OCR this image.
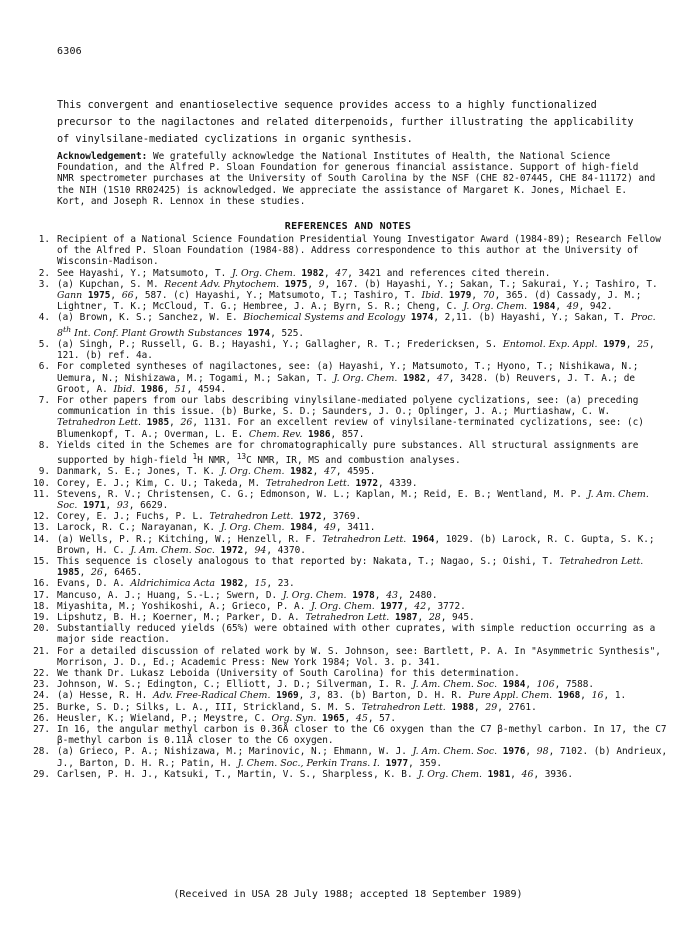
6306

This convergent and enantioselective sequence provides access to a highly functionalized

precursor to the nagilactones and related diterpenoids, further illustrating the applicability

of vinylsilane-mediated cyclizations in organic synthesis.

Acknowledgement: We gratefully acknowledge the National Institutes of Health, the National Science Foundation, and the Alfred P. Sloan Foundation for generous financial assistance. Support of high-field NMR spectrometer purchases at the University of South Carolina by the NSF (CHE 82-07445, CHE 84-11172) and the NIH (1S10 RR02425) is acknowledged. We appreciate the assistance of Margaret K. Jones, Michael E. Kort, and Joseph R. Lennox in these studies.
REFERENCES AND NOTES
1. Recipient of a National Science Foundation Presidential Young Investigator Award (1984-89); Research Fellow of the Alfred P. Sloan Foundation (1984-88). Address correspondence to this author at the University of Wisconsin-Madison.
2. See Hayashi, Y.; Matsumoto, T. J. Org. Chem. 1982, 47, 3421 and references cited therein.
3. (a) Kupchan, S. M. Recent Adv. Phytochem. 1975, 9, 167. (b) Hayashi, Y.; Sakan, T.; Sakurai, Y.; Tashiro, T. Gann 1975, 66, 587. (c) Hayashi, Y.; Matsumoto, T.; Tashiro, T. Ibid. 1979, 70, 365. (d) Cassady, J. M.; Lightner, T. K.; McCloud, T. G.; Hembree, J. A.; Byrn, S. R.; Cheng, C. J. Org. Chem. 1984, 49, 942.
4. (a) Brown, K. S.; Sanchez, W. E. Biochemical Systems and Ecology 1974, 2,11. (b) Hayashi, Y.; Sakan, T. Proc. 8th Int. Conf. Plant Growth Substances 1974, 525.
5. (a) Singh, P.; Russell, G. B.; Hayashi, Y.; Gallagher, R. T.; Fredericksen, S. Entomol. Exp. Appl. 1979, 25, 121. (b) ref. 4a.
6. For completed syntheses of nagilactones, see: (a) Hayashi, Y.; Matsumoto, T.; Hyono, T.; Nishikawa, N.; Uemura, N.; Nishizawa, M.; Togami, M.; Sakan, T. J. Org. Chem. 1982, 47, 3428. (b) Reuvers, J. T. A.; de Groot, A. Ibid. 1986, 51, 4594.
7. For other papers from our labs describing vinylsilane-mediated polyene cyclizations, see: (a) preceding communication in this issue. (b) Burke, S. D.; Saunders, J. O.; Oplinger, J. A.; Murtiashaw, C. W. Tetrahedron Lett. 1985, 26, 1131. For an excellent review of vinylsilane-terminated cyclizations, see: (c) Blumenkopf, T. A.; Overman, L. E. Chem. Rev. 1986, 857.
8. Yields cited in the Schemes are for chromatographically pure substances. All structural assignments are supported by high-field $^1$H NMR, $^{13}$C NMR, IR, MS and combustion analyses.
9. Danmark, S. E.; Jones, T. K. J. Org. Chem. 1982, 47, 4595.
10. Corey, E. J.; Kim, C. U.; Takeda, M. Tetrahedron Lett. 1972, 4339.
11. Stevens, R. V.; Christensen, C. G.; Edmonson, W. L.; Kaplan, M.; Reid, E. B.; Wentland, M. P. J. Am. Chem. Soc. 1971, 93, 6629.
12. Corey, E. J.; Fuchs, P. L. Tetrahedron Lett. 1972, 3769.
13. Larock, R. C.; Narayanan, K. J. Org. Chem. 1984, 49, 3411.
14. (a) Wells, P. R.; Kitching, W.; Henzell, R. F. Tetrahedron Lett. 1964, 1029. (b) Larock, R. C. Gupta, S. K.; Brown, H. C. J. Am. Chem. Soc. 1972, 94, 4370.
15. This sequence is closely analogous to that reported by: Nakata, T.; Nagao, S.; Oishi, T. Tetrahedron Lett. 1985, 26, 6465.
16. Evans, D. A. Aldrichimica Acta 1982, 15, 23.
17. Mancuso, A. J.; Huang, S.-L.; Swern, D. J. Org. Chem. 1978, 43, 2480.
18. Miyashita, M.; Yoshikoshi, A.; Grieco, P. A. J. Org. Chem. 1977, 42, 3772.
19. Lipshutz, B. H.; Koerner, M.; Parker, D. A. Tetrahedron Lett. 1987, 28, 945.
20. Substantially reduced yields (65%) were obtained with other cuprates, with simple reduction occurring as a major side reaction.
21. For a detailed discussion of related work by W. S. Johnson, see: Bartlett, P. A. In "Asymmetric Synthesis", Morrison, J. D., Ed.; Academic Press: New York 1984; Vol. 3. p. 341.
22. We thank Dr. Lukasz Leboida (University of South Carolina) for this determination.
23. Johnson, W. S.; Edington, C.; Elliott, J. D.; Silverman, I. R. J. Am. Chem. Soc. 1984, 106, 7588.
24. (a) Hesse, R. H. Adv. Free-Radical Chem. 1969, 3, 83. (b) Barton, D. H. R. Pure Appl. Chem. 1968, 16, 1.
25. Burke, S. D.; Silks, L. A., III, Strickland, S. M. S. Tetrahedron Lett. 1988, 29, 2761.
26. Heusler, K.; Wieland, P.; Meystre, C. Org. Syn. 1965, 45, 57.
27. In 16, the angular methyl carbon is 0.36Å closer to the C6 oxygen than the C7 β-methyl carbon. In 17, the C7 β-methyl carbon is 0.11Å closer to the C6 oxygen.
28. (a) Grieco, P. A.; Nishizawa, M.; Marinovic, N.; Ehmann, W. J. J. Am. Chem. Soc. 1976, 98, 7102. (b) Andrieux, J., Barton, D. H. R.; Patin, H. J. Chem. Soc., Perkin Trans. I. 1977, 359.
29. Carlsen, P. H. J., Katsuki, T., Martin, V. S., Sharpless, K. B. J. Org. Chem. 1981, 46, 3936.
(Received in USA 28 July 1988; accepted 18 September 1989)
